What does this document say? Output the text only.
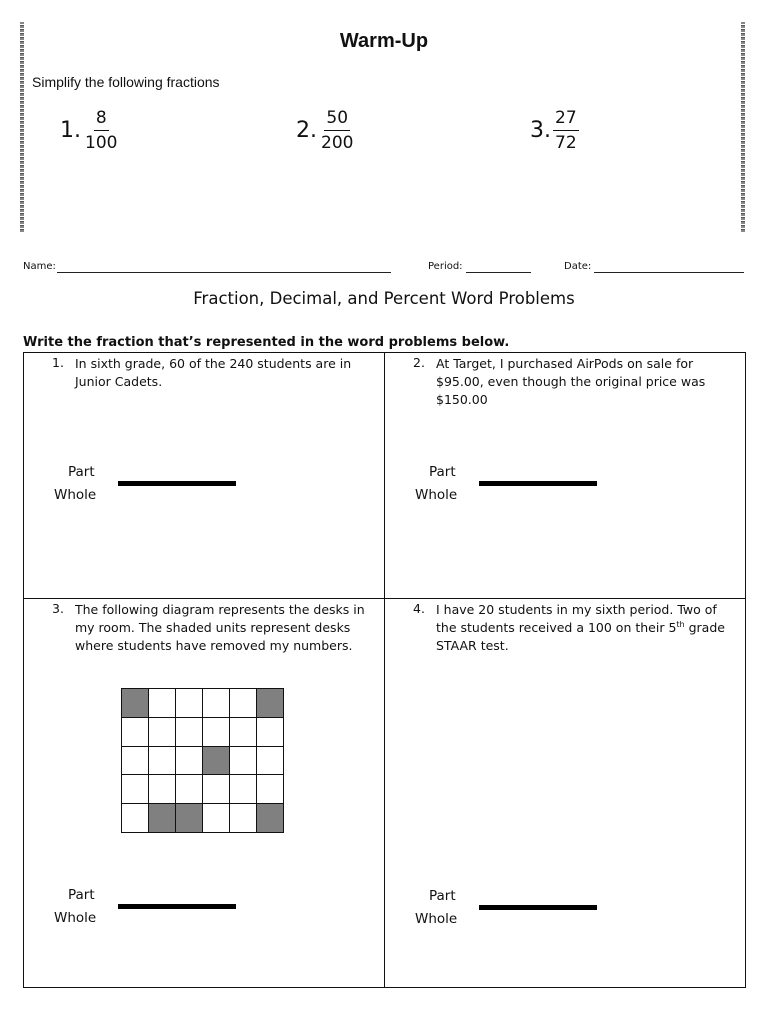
Warm-Up
Simplify the following fractions
1. $\frac{8}{100}$	2. $\frac{50}{200}$	3. $\frac{27}{72}$
Name:	Period:	Date:
Fraction, Decimal, and Percent Word Problems
Write the fraction that’s represented in the word problems below.
1. In sixth grade, 60 of the 240 students are in Junior Cadets.
Part
Whole
2. At Target, I purchased AirPods on sale for $95.00, even though the original price was $150.00
Part
Whole
3. The following diagram represents the desks in my room. The shaded units represent desks where students have removed my numbers.
Part
Whole
4. I have 20 students in my sixth period. Two of the students received a 100 on their 5th grade STAAR test.
Part
Whole
